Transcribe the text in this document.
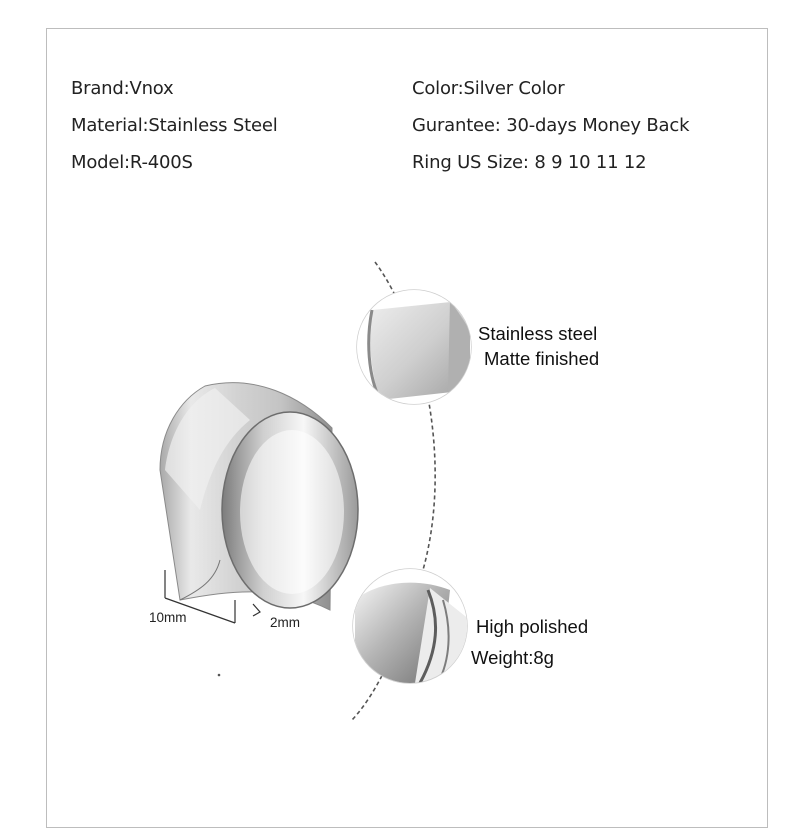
Brand:Vnox
Material:Stainless Steel
Model:R-400S
Color:Silver Color
Gurantee: 30-days Money Back
Ring US Size: 8 9 10 11 12
Stainless steel
Matte finished
High polished
Weight:8g
10mm	2mm
